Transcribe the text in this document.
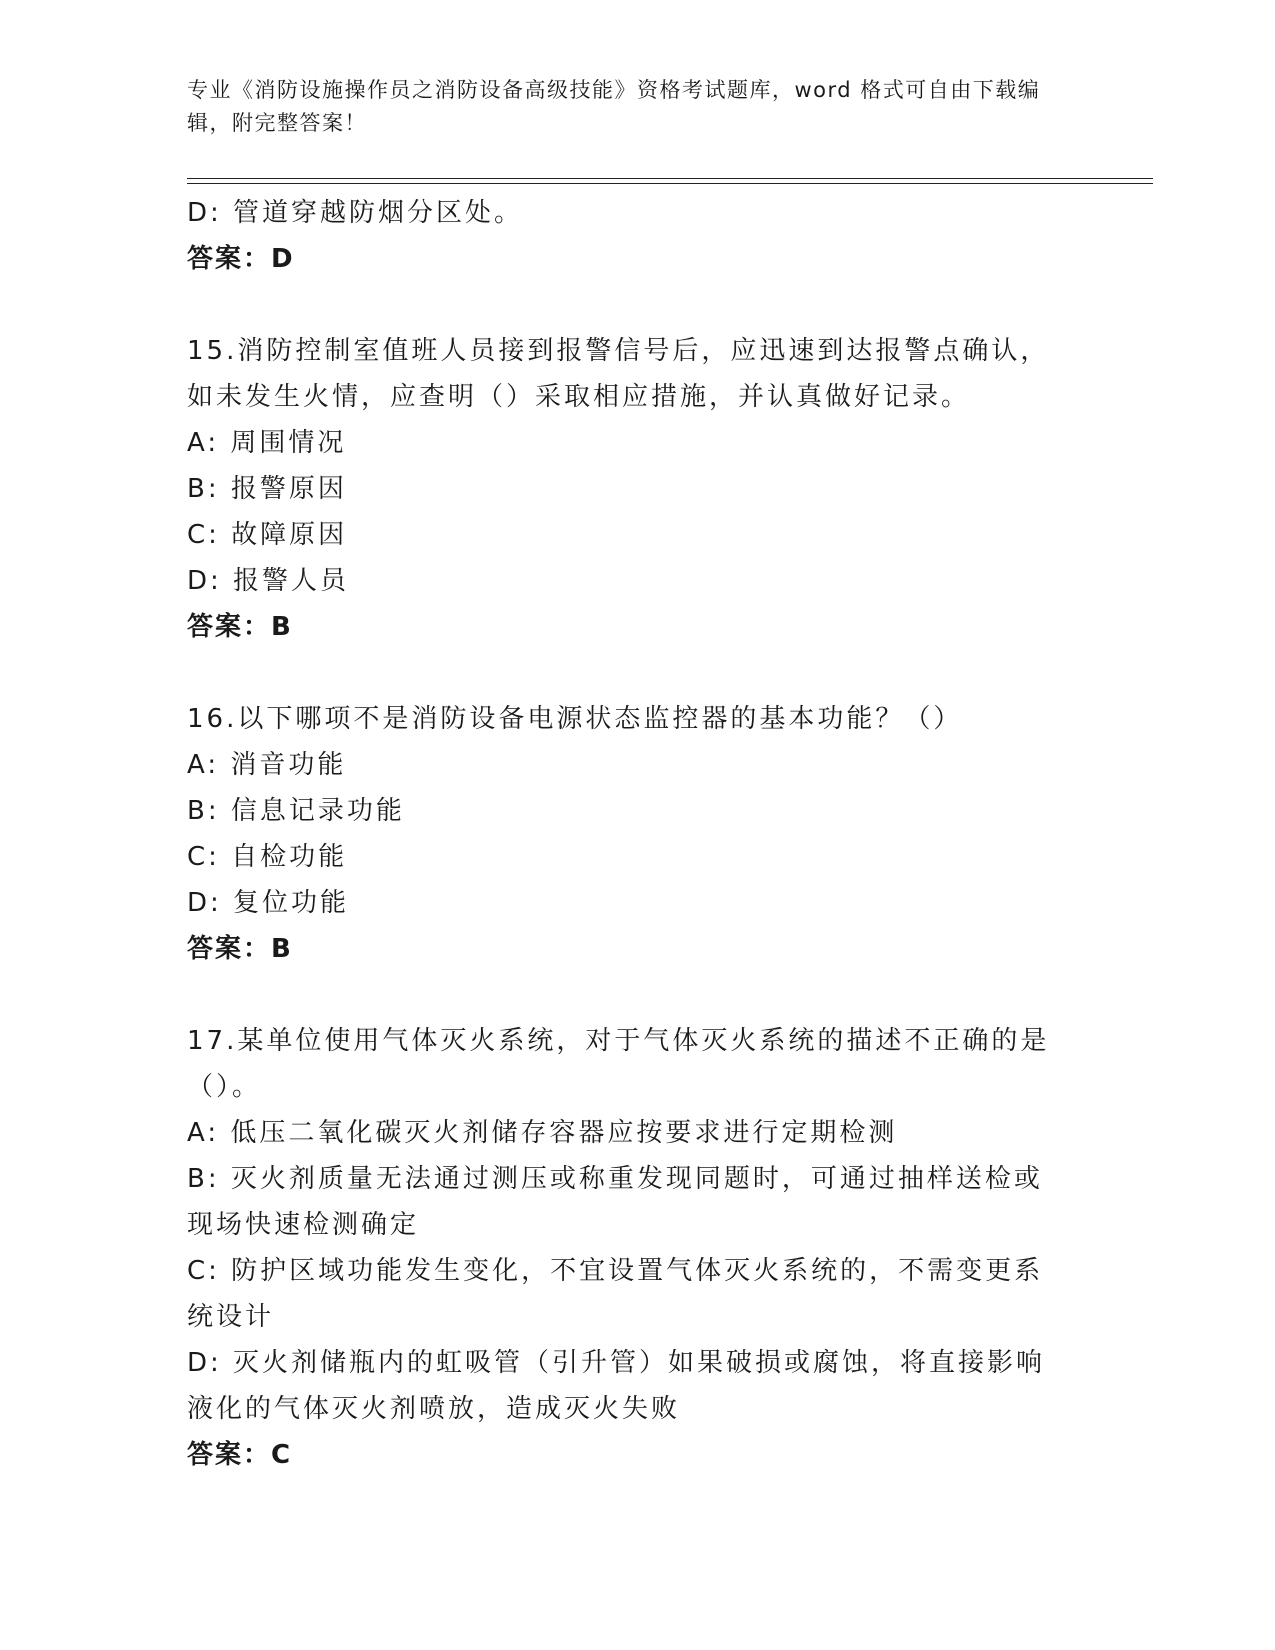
专业《消防设施操作员之消防设备高级技能》资格考试题库，word 格式可自由下载编辑，附完整答案！
D: 管道穿越防烟分区处。
答案：D
15.消防控制室值班人员接到报警信号后，应迅速到达报警点确认，如未发生火情，应查明（）采取相应措施，并认真做好记录。
A: 周围情况
B: 报警原因
C: 故障原因
D: 报警人员
答案：B
16.以下哪项不是消防设备电源状态监控器的基本功能？（）
A: 消音功能
B: 信息记录功能
C: 自检功能
D: 复位功能
答案：B
17.某单位使用气体灭火系统，对于气体灭火系统的描述不正确的是（）。
A: 低压二氧化碳灭火剂储存容器应按要求进行定期检测
B: 灭火剂质量无法通过测压或称重发现同题时，可通过抽样送检或现场快速检测确定
C: 防护区域功能发生变化，不宜设置气体灭火系统的，不需变更系统设计
D: 灭火剂储瓶内的虹吸管（引升管）如果破损或腐蚀，将直接影响液化的气体灭火剂喷放，造成灭火失败
答案：C
